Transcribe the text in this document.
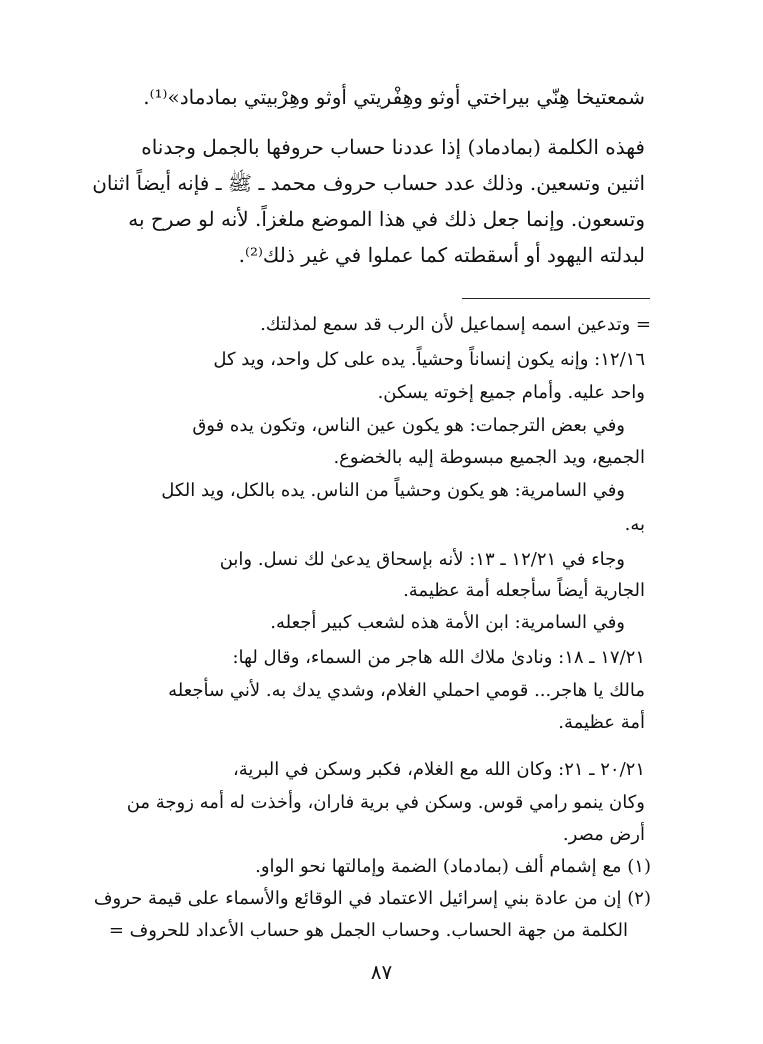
شمعتيخا هِنّي بيراختي أوثو وهِفْريتي أوثو وهِرْبيتي بمادماد»⁽¹⁾.
فهذه الكلمة (بمادماد) إذا عددنا حساب حروفها بالجمل وجدناه
اثنين وتسعين. وذلك عدد حساب حروف محمد ـ ﷺ ـ فإنه أيضاً اثنان
وتسعون. وإنما جعل ذلك في هذا الموضع ملغزاً. لأنه لو صرح به
لبدلته اليهود أو أسقطته كما عملوا في غير ذلك⁽²⁾.
= وتدعين اسمه إسماعيل لأن الرب قد سمع لمذلتك.
١٢/١٦: وإنه يكون إنساناً وحشياً. يده على كل واحد، ويد كل
واحد عليه. وأمام جميع إخوته يسكن.
وفي بعض الترجمات: هو يكون عين الناس، وتكون يده فوق
الجميع، ويد الجميع مبسوطة إليه بالخضوع.
وفي السامرية: هو يكون وحشياً من الناس. يده بالكل، ويد الكل
به.
وجاء في ١٢/٢١ ـ ١٣: لأنه بإسحاق يدعىٰ لك نسل. وابن
الجارية أيضاً سأجعله أمة عظيمة.
وفي السامرية: ابن الأمة هذه لشعب كبير أجعله.
١٧/٢١ ـ ١٨: ونادىٰ ملاك الله هاجر من السماء، وقال لها:
مالك يا هاجر... قومي احملي الغلام، وشدي يدك به. لأني سأجعله
أمة عظيمة.
٢٠/٢١ ـ ٢١: وكان الله مع الغلام، فكبر وسكن في البرية،
وكان ينمو رامي قوس. وسكن في برية فاران، وأخذت له أمه زوجة من
أرض مصر.
(١) مع إشمام ألف (بمادماد) الضمة وإمالتها نحو الواو.
(٢) إن من عادة بني إسرائيل الاعتماد في الوقائع والأسماء على قيمة حروف
الكلمة من جهة الحساب. وحساب الجمل هو حساب الأعداد للحروف =
٨٧
